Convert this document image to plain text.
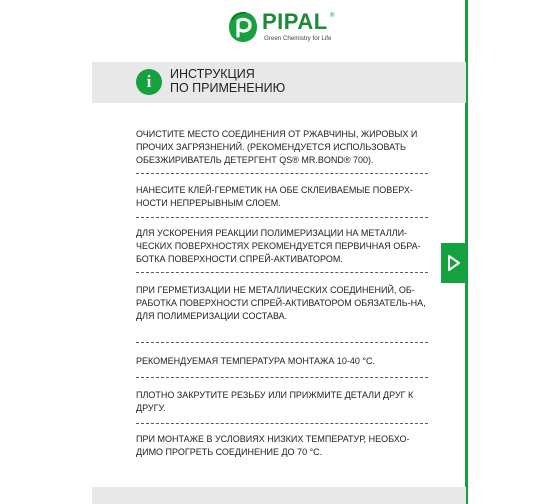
PIPAL ®
Green Chemistry for Life
i	ИНСТРУКЦИЯ
ПО ПРИМЕНЕНИЮ
ОЧИСТИТЕ МЕСТО СОЕДИНЕНИЯ ОТ РЖАВЧИНЫ, ЖИРОВЫХ И ПРОЧИХ ЗАГРЯЗНЕНИЙ. (РЕКОМЕНДУЕТСЯ ИСПОЛЬЗОВАТЬ ОБЕЗЖИРИВАТЕЛЬ ДЕТЕРГЕНТ QS® MR.BOND® 700).
НАНЕСИТЕ КЛЕЙ-ГЕРМЕТИК НА ОБЕ СКЛЕИВАЕМЫЕ ПОВЕРХ-НОСТИ НЕПРЕРЫВНЫМ СЛОЕМ.
ДЛЯ УСКОРЕНИЯ РЕАКЦИИ ПОЛИМЕРИЗАЦИИ НА МЕТАЛЛИ-ЧЕСКИХ ПОВЕРХНОСТЯХ РЕКОМЕНДУЕТСЯ ПЕРВИЧНАЯ ОБРА-БОТКА ПОВЕРХНОСТИ СПРЕЙ-АКТИВАТОРОМ.
ПРИ ГЕРМЕТИЗАЦИИ НЕ МЕТАЛЛИЧЕСКИХ СОЕДИНЕНИЙ, ОБ-РАБОТКА ПОВЕРХНОСТИ СПРЕЙ-АКТИВАТОРОМ ОБЯЗАТЕЛЬ-НА, ДЛЯ ПОЛИМЕРИЗАЦИИ СОСТАВА.
РЕКОМЕНДУЕМАЯ ТЕМПЕРАТУРА МОНТАЖА 10-40 °С.
ПЛОТНО ЗАКРУТИТЕ РЕЗЬБУ ИЛИ ПРИЖМИТЕ ДЕТАЛИ ДРУГ К ДРУГУ.
ПРИ МОНТАЖЕ В УСЛОВИЯХ НИЗКИХ ТЕМПЕРАТУР, НЕОБХО-ДИМО ПРОГРЕТЬ СОЕДИНЕНИЕ ДО 70 °С.
